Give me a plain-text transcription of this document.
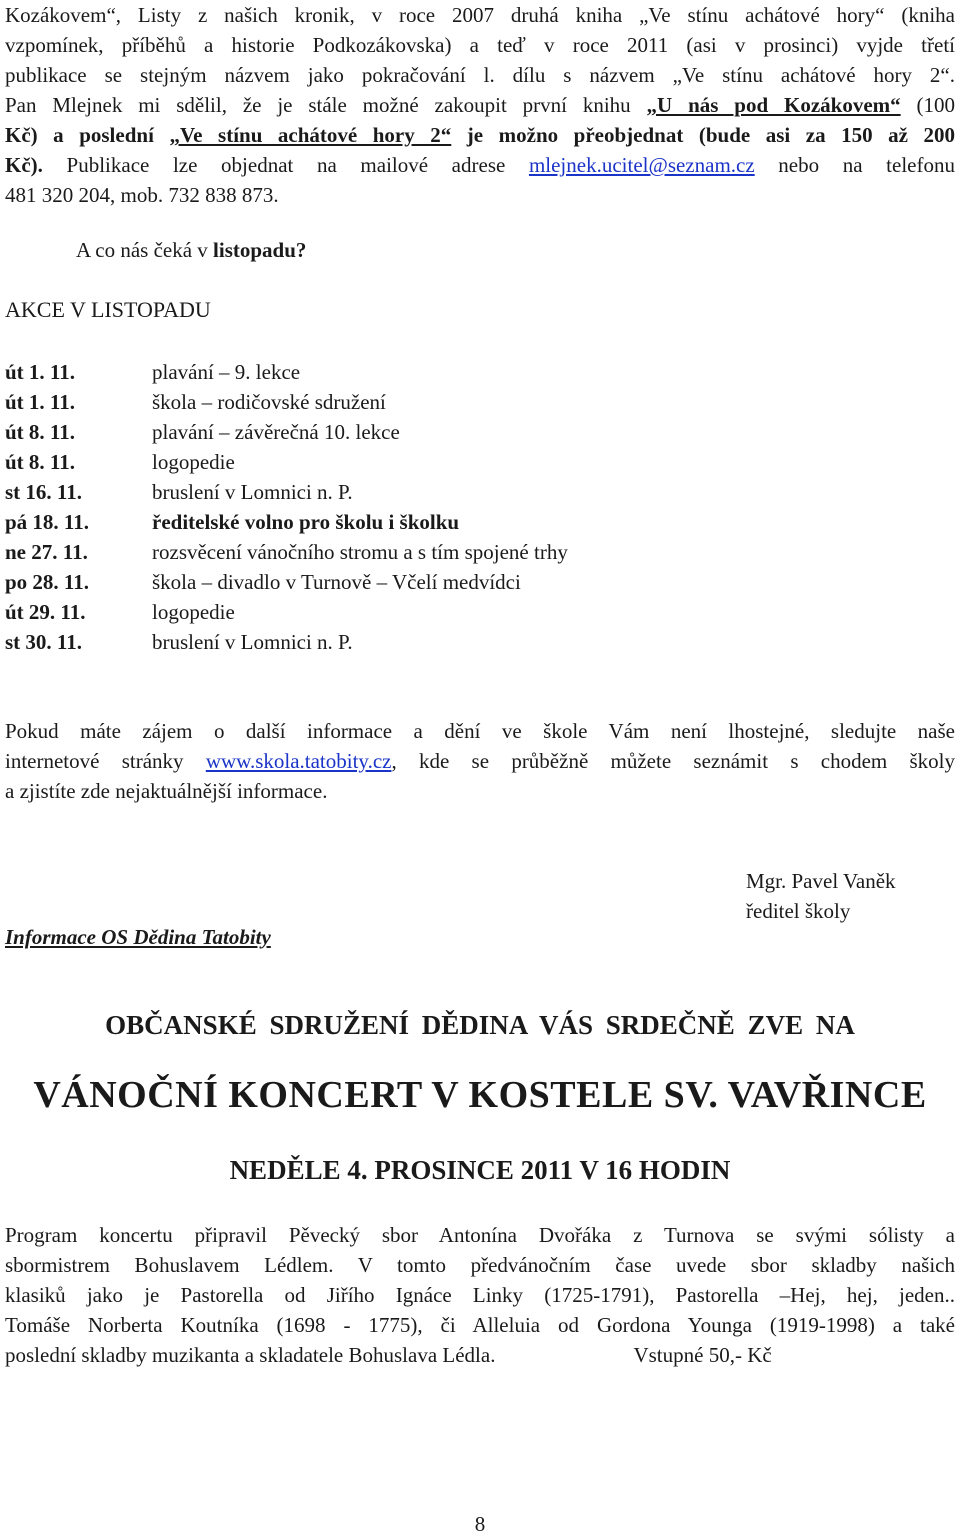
Kozákovem“, Listy z našich kronik, v roce 2007 druhá kniha „Ve stínu achátové hory“ (kniha
vzpomínek, příběhů a historie Podkozákovska) a teď v roce 2011 (asi v prosinci) vyjde třetí
publikace se stejným názvem jako pokračování l. dílu s názvem „Ve stínu achátové hory 2“.
Pan Mlejnek mi sdělil, že je stále možné zakoupit první knihu „U nás pod Kozákovem“ (100
Kč) a poslední „Ve stínu achátové hory 2“ je možno přeobjednat (bude asi za 150 až 200
Kč). Publikace lze objednat na mailové adrese mlejnek.ucitel@seznam.cz nebo na telefonu
481 320 204, mob. 732 838 873.
A co nás čeká v listopadu?
AKCE V LISTOPADU
út 1. 11.	plavání – 9. lekce
út 1. 11.	škola – rodičovské sdružení
út 8. 11.	plavání – závěrečná 10. lekce
út 8. 11.	logopedie
st 16. 11.	bruslení v Lomnici n. P.
pá 18. 11.	ředitelské volno pro školu i školku
ne 27. 11.	rozsvěcení vánočního stromu a s tím spojené trhy
po 28. 11.	škola – divadlo v Turnově – Včelí medvídci
út 29. 11.	logopedie
st 30. 11.	bruslení v Lomnici n. P.
Pokud máte zájem o další informace a dění ve škole Vám není lhostejné, sledujte naše
internetové stránky www.skola.tatobity.cz, kde se průběžně můžete seznámit s chodem školy
a zjistíte zde nejaktuálnější informace.
Mgr. Pavel Vaněk
ředitel školy
Informace OS Dědina Tatobity
OBČANSKÉ SDRUŽENÍ DĚDINA VÁS SRDEČNĚ ZVE NA
VÁNOČNÍ KONCERT V KOSTELE SV. VAVŘINCE
NEDĚLE 4. PROSINCE 2011 V 16 HODIN
Program koncertu připravil Pěvecký sbor Antonína Dvořáka z Turnova se svými sólisty a
sbormistrem Bohuslavem Lédlem. V tomto předvánočním čase uvede sbor skladby našich
klasiků jako je Pastorella od Jiřího Ignáce Linky (1725-1791), Pastorella –Hej, hej, jeden..
Tomáše Norberta Koutníka (1698 - 1775), či Alleluia od Gordona Younga (1919-1998) a také
poslední skladby muzikanta a skladatele Bohuslava Lédla.	Vstupné 50,- Kč
8
